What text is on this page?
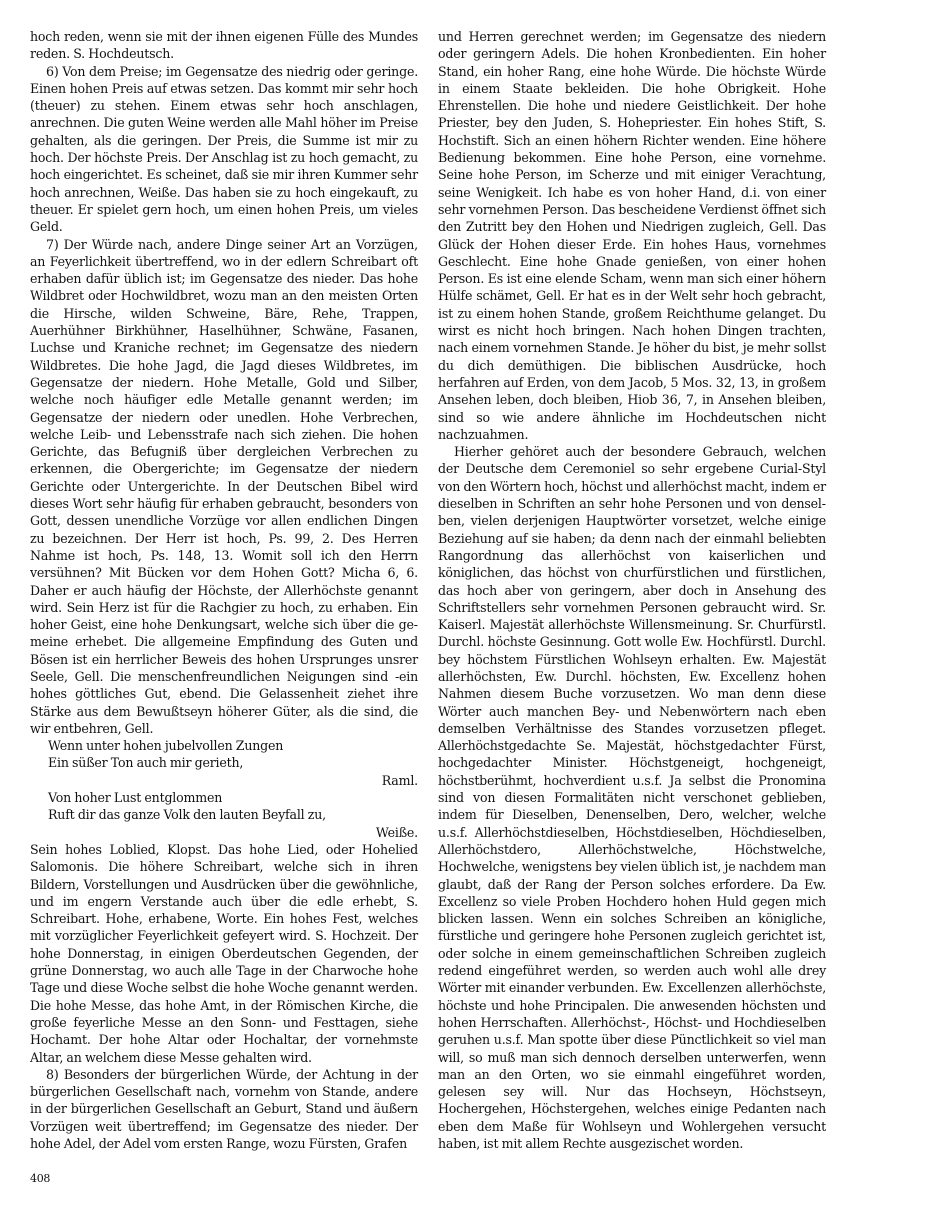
hoch reden, wenn sie mit der ihnen eigenen Fülle des Mundes reden. S. Hochdeutsch.

6) Von dem Preise; im Gegensatze des niedrig oder geringe. Einen hohen Preis auf etwas setzen. Das kommt mir sehr hoch (theuer) zu stehen. Einem etwas sehr hoch anschlagen, anrechnen. Die guten Weine werden alle Mahl höher im Preise gehalten, als die geringen. Der Preis, die Summe ist mir zu hoch. Der höchste Preis. Der Anschlag ist zu hoch gemacht, zu hoch eingerichtet. Es scheinet, daß sie mir ihren Kummer sehr hoch anrechnen, Weiße. Das haben sie zu hoch eingekauft, zu theuer. Er spielet gern hoch, um einen hohen Preis, um vieles Geld.

7) Der Würde nach, andere Dinge seiner Art an Vorzügen, an Feyerlichkeit übertreffend, wo in der edlern Schreibart oft erhaben dafür üblich ist; im Gegensatze des nieder. Das hohe Wildbret oder Hochwildbret, wozu man an den meisten Orten die Hirsche, wilden Schweine, Bäre, Rehe, Trappen, Auerhühner Birkhühner, Haselhühner, Schwäne, Fasanen, Luchse und Kraniche rechnet; im Gegensatze des niedern Wildbretes. Die hohe Jagd, die Jagd dieses Wildbretes, im Gegensatze der niedern. Hohe Metalle, Gold und Silber, welche noch häufiger edle Metalle genannt werden; im Gegensatze der niedern oder unedlen. Hohe Verbrechen, welche Leib- und Lebensstrafe nach sich ziehen. Die hohen Gerichte, das Befugniß über dergleichen Verbrechen zu erkennen, die Obergerichte; im Gegensatze der niedern Gerichte oder Untergerichte. In der Deutschen Bibel wird dieses Wort sehr häufig für erhaben gebraucht, besonders von Gott, dessen unendliche Vorzüge vor allen endlichen Dingen zu bezeichnen. Der Herr ist hoch, Ps. 99, 2. Des Herren Nahme ist hoch, Ps. 148, 13. Womit soll ich den Herrn versühnen? Mit Bücken vor dem Hohen Gott? Micha 6, 6. Daher er auch häufig der Höchste, der Allerhöchste genannt wird. Sein Herz ist für die Rachgier zu hoch, zu erhaben. Ein hoher Geist, eine hohe Denkungsart, welche sich über die gemeine erhebet. Die allgemeine Empfindung des Guten und Bösen ist ein herrlicher Beweis des hohen Ursprunges unsrer Seele, Gell. Die menschenfreundlichen Neigungen sind -ein hohes göttliches Gut, ebend. Die Gelassenheit ziehet ihre Stärke aus dem Bewußtseyn höherer Güter, als die sind, die wir entbehren, Gell.

Wenn unter hohen jubelvollen Zungen

Ein süßer Ton auch mir gerieth,

Raml.

Von hoher Lust entglommen

Ruft dir das ganze Volk den lauten Beyfall zu,

Weiße.

Sein hohes Loblied, Klopst. Das hohe Lied, oder Hohelied Salomonis. Die höhere Schreibart, welche sich in ihren Bildern, Vorstellungen und Ausdrücken über die gewöhnliche, und im engern Verstande auch über die edle erhebt, S. Schreibart. Hohe, erhabene, Worte. Ein hohes Fest, welches mit vorzüglicher Feyerlichkeit gefeyert wird. S. Hochzeit. Der hohe Donnerstag, in einigen Oberdeutschen Gegenden, der grüne Donnerstag, wo auch alle Tage in der Charwoche hohe Tage und diese Woche selbst die hohe Woche genannt werden. Die hohe Messe, das hohe Amt, in der Römischen Kirche, die große feyerliche Messe an den Sonn- und Festtagen, siehe Hochamt. Der hohe Altar oder Hochaltar, der vornehmste Altar, an welchem diese Messe gehalten wird.

8) Besonders der bürgerlichen Würde, der Achtung in der bürgerlichen Gesellschaft nach, vornehm von Stande, andere in der bürgerlichen Gesellschaft an Geburt, Stand und äußern Vorzügen weit übertreffend; im Gegensatze des nieder. Der hohe Adel, der Adel vom ersten Range, wozu Fürsten, Grafen

und Herren gerechnet werden; im Gegensatze des niedern oder geringern Adels. Die hohen Kronbedienten. Ein hoher Stand, ein hoher Rang, eine hohe Würde. Die höchste Würde in einem Staate bekleiden. Die hohe Obrigkeit. Hohe Ehrenstellen. Die hohe und niedere Geistlichkeit. Der hohe Priester, bey den Juden, S. Hohepriester. Ein hohes Stift, S. Hochstift. Sich an einen höhern Richter wenden. Eine höhere Bedienung bekommen. Eine hohe Person, eine vornehme. Seine hohe Person, im Scherze und mit einiger Verachtung, seine Wenigkeit. Ich habe es von hoher Hand, d.i. von einer sehr vornehmen Person. Das bescheidene Verdienst öffnet sich den Zutritt bey den Hohen und Niedrigen zugleich, Gell. Das Glück der Hohen dieser Erde. Ein hohes Haus, vornehmes Geschlecht. Eine hohe Gnade genießen, von einer hohen Person. Es ist eine elende Scham, wenn man sich einer höhern Hülfe schämet, Gell. Er hat es in der Welt sehr hoch gebracht, ist zu einem hohen Stande, großem Reichthume gelanget. Du wirst es nicht hoch bringen. Nach hohen Dingen trachten, nach einem vornehmen Stande. Je höher du bist, je mehr sollst du dich demüthigen. Die biblischen Ausdrücke, hoch herfahren auf Erden, von dem Jacob, 5 Mos. 32, 13, in großem Ansehen leben, doch bleiben, Hiob 36, 7, in Ansehen bleiben, sind so wie andere ähnliche im Hochdeutschen nicht nachzuahmen.

Hierher gehöret auch der besondere Gebrauch, welchen der Deutsche dem Ceremoniel so sehr ergebene Curial-Styl von den Wörtern hoch, höchst und allerhöchst macht, indem er dieselben in Schriften an sehr hohe Personen und von denselben, vielen derjenigen Hauptwörter vorsetzet, welche einige Beziehung auf sie haben; da denn nach der einmahl beliebten Rangordnung das allerhöchst von kaiserlichen und königlichen, das höchst von churfürstlichen und fürstlichen, das hoch aber von geringern, aber doch in Ansehung des Schriftstellers sehr vornehmen Personen gebraucht wird. Sr. Kaiserl. Majestät allerhöchste Willensmeinung. Sr. Churfürstl. Durchl. höchste Gesinnung. Gott wolle Ew. Hochfürstl. Durchl. bey höchstem Fürstlichen Wohlseyn erhalten. Ew. Majestät allerhöchsten, Ew. Durchl. höchsten, Ew. Excellenz hohen Nahmen diesem Buche vorzusetzen. Wo man denn diese Wörter auch manchen Bey- und Nebenwörtern nach eben demselben Verhältnisse des Standes vorzusetzen pfleget. Allerhöchstgedachte Se. Majestät, höchstgedachter Fürst, hochgedachter Minister. Höchstgeneigt, hochgeneigt, höchstberühmt, hochverdient u.s.f. Ja selbst die Pronomina sind von diesen Formalitäten nicht verschonet geblieben, indem für Dieselben, Denenselben, Dero, welcher, welche u.s.f. Allerhöchstdieselben, Höchstdieselben, Höchdieselben, Allerhöchstdero, Allerhöchstwelche, Höchstwelche, Hochwelche, wenigstens bey vielen üblich ist, je nachdem man glaubt, daß der Rang der Person solches erfordere. Da Ew. Excellenz so viele Proben Hochdero hohen Huld gegen mich blicken lassen. Wenn ein solches Schreiben an königliche, fürstliche und geringere hohe Personen zugleich gerichtet ist, oder solche in einem gemeinschaftlichen Schreiben zugleich redend eingeführet werden, so werden auch wohl alle drey Wörter mit einander verbunden. Ew. Excellenzen allerhöchste, höchste und hohe Principalen. Die anwesenden höchsten und hohen Herrschaften. Allerhöchst-, Höchst- und Hochdieselben geruhen u.s.f. Man spotte über diese Pünctlichkeit so viel man will, so muß man sich dennoch derselben unterwerfen, wenn man an den Orten, wo sie einmahl eingeführet worden, gelesen sey will. Nur das Hochseyn, Höchstseyn, Hochergehen, Höchstergehen, welches einige Pedanten nach eben dem Maße für Wohlseyn und Wohlergehen versucht haben, ist mit allem Rechte ausgezischet worden.

408
